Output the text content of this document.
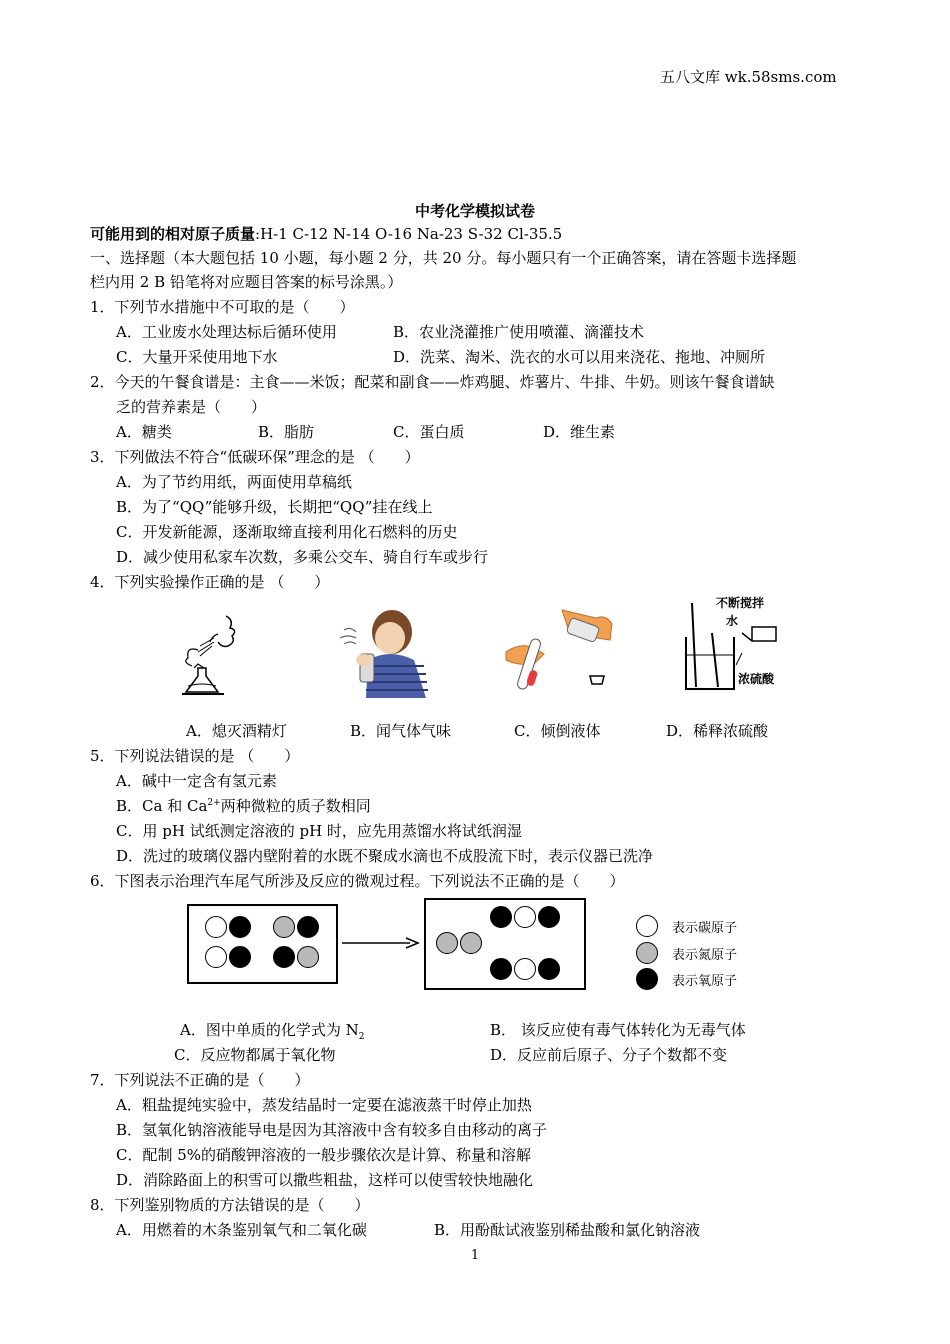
五八文库 wk.58sms.com
中考化学模拟试卷
可能用到的相对原子质量:H-1 C-12 N-14 O-16 Na-23 S-32 Cl-35.5
一、选择题（本大题包括 10 小题，每小题 2 分，共 20 分。每小题只有一个正确答案，请在答题卡选择题
栏内用 2 B 铅笔将对应题目答案的标号涂黑。）
1．下列节水措施中不可取的是（　　）
A．工业废水处理达标后循环使用	B．农业浇灌推广使用喷灌、滴灌技术
C．大量开采使用地下水	D．洗菜、淘米、洗衣的水可以用来浇花、拖地、冲厕所
2．今天的午餐食谱是：主食——米饭；配菜和副食——炸鸡腿、炸薯片、牛排、牛奶。则该午餐食谱缺
乏的营养素是（　　）
A．糖类	B．脂肪	C．蛋白质	D．维生素
3．下列做法不符合“低碳环保”理念的是 （　　）
A．为了节约用纸，两面使用草稿纸
B．为了“QQ”能够升级，长期把“QQ”挂在线上
C．开发新能源，逐渐取缔直接利用化石燃料的历史
D．减少使用私家车次数，多乘公交车、骑自行车或步行
4．下列实验操作正确的是 （　　）
不断搅拌
水
浓硫酸
A．熄灭酒精灯	B．闻气体气味	C．倾倒液体	D．稀释浓硫酸
5．下列说法错误的是 （　　）
A．碱中一定含有氢元素
B．Ca 和 $Ca^{2+}$两种微粒的质子数相同
C．用 pH 试纸测定溶液的 pH 时，应先用蒸馏水将试纸润湿
D．洗过的玻璃仪器内壁附着的水既不聚成水滴也不成股流下时，表示仪器已洗净
6．下图表示治理汽车尾气所涉及反应的微观过程。下列说法不正确的是（　　）
表示碳原子
表示氮原子
表示氧原子
A．图中单质的化学式为 $N_2$	B． 该反应使有毒气体转化为无毒气体
C．反应物都属于氧化物	D．反应前后原子、分子个数都不变
7．下列说法不正确的是（　　）
A．粗盐提纯实验中，蒸发结晶时一定要在滤液蒸干时停止加热
B．氢氧化钠溶液能导电是因为其溶液中含有较多自由移动的离子
C．配制 5%的硝酸钾溶液的一般步骤依次是计算、称量和溶解
D．消除路面上的积雪可以撒些粗盐，这样可以使雪较快地融化
8．下列鉴别物质的方法错误的是（　　）
A．用燃着的木条鉴别氧气和二氧化碳	B．用酚酞试液鉴别稀盐酸和氯化钠溶液
1
